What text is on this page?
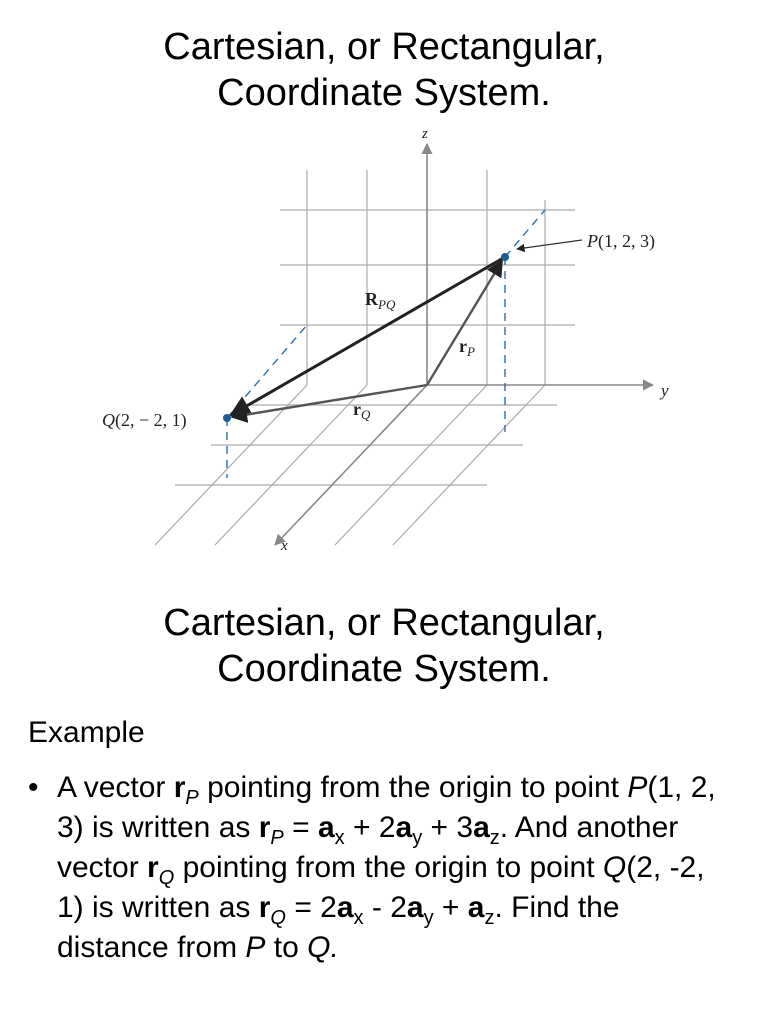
Cartesian, or Rectangular,
Coordinate System.
z
y
x
P(1, 2, 3)
Q(2, − 2, 1)
$R_{PQ}$
$r_P$
$r_Q$
Cartesian, or Rectangular,
Coordinate System.

Example

• A vector $r_P$ pointing from the origin to point P(1, 2, 3) is written as $r_P = a_x + 2a_y + 3a_z$. And another vector $r_Q$ pointing from the origin to point Q(2, -2, 1) is written as $r_Q = 2a_x - 2a_y + a_z$. Find the distance from P to Q.
